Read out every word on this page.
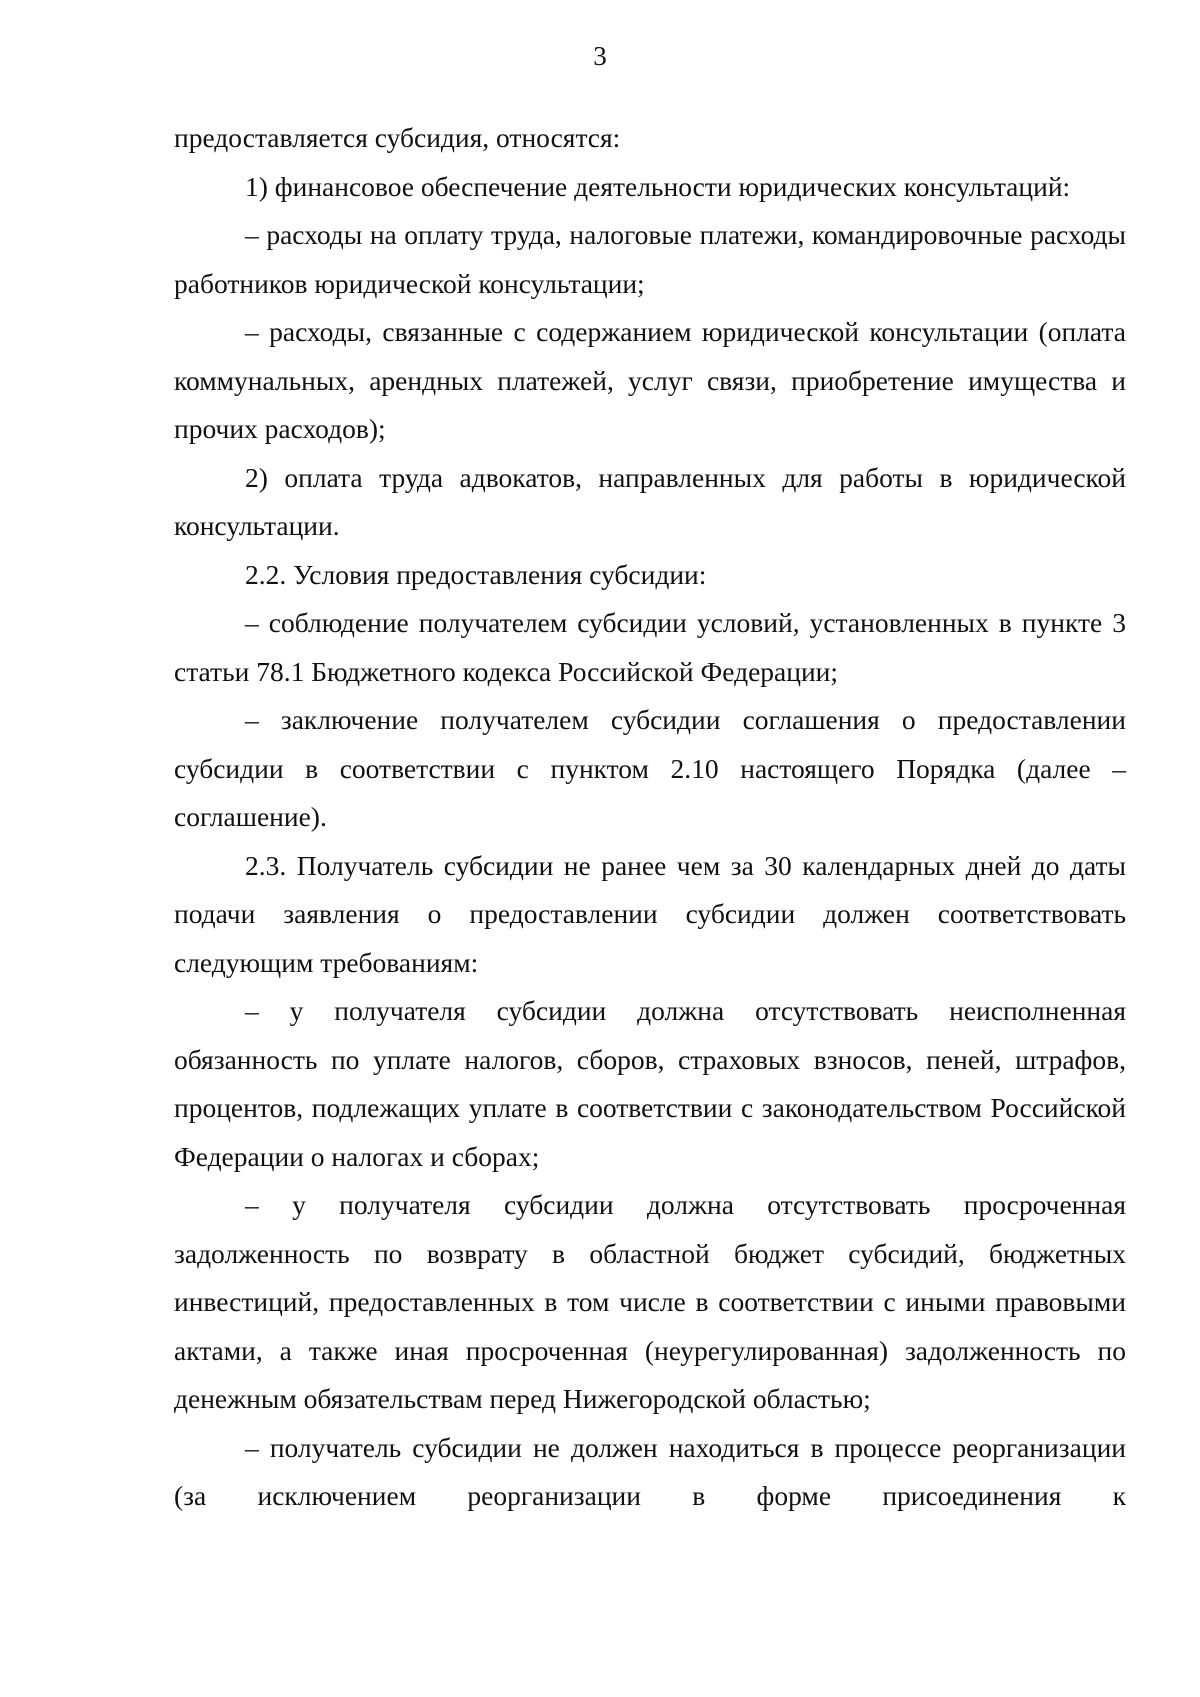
3

предоставляется субсидия, относятся:

1) финансовое обеспечение деятельности юридических консультаций:

– расходы на оплату труда, налоговые платежи, командировочные расходы работников юридической консультации;

– расходы, связанные с содержанием юридической консультации (оплата коммунальных, арендных платежей, услуг связи, приобретение имущества и прочих расходов);

2) оплата труда адвокатов, направленных для работы в юридической консультации.

2.2. Условия предоставления субсидии:

– соблюдение получателем субсидии условий, установленных в пункте 3 статьи 78.1 Бюджетного кодекса Российской Федерации;

– заключение получателем субсидии соглашения о предоставлении субсидии в соответствии с пунктом 2.10 настоящего Порядка (далее – соглашение).

2.3. Получатель субсидии не ранее чем за 30 календарных дней до даты подачи заявления о предоставлении субсидии должен соответствовать следующим требованиям:

– у получателя субсидии должна отсутствовать неисполненная обязанность по уплате налогов, сборов, страховых взносов, пеней, штрафов, процентов, подлежащих уплате в соответствии с законодательством Российской Федерации о налогах и сборах;

– у получателя субсидии должна отсутствовать просроченная задолженность по возврату в областной бюджет субсидий, бюджетных инвестиций, предоставленных в том числе в соответствии с иными правовыми актами, а также иная просроченная (неурегулированная) задолженность по денежным обязательствам перед Нижегородской областью;

– получатель субсидии не должен находиться в процессе реорганизации (за исключением реорганизации в форме присоединения к
